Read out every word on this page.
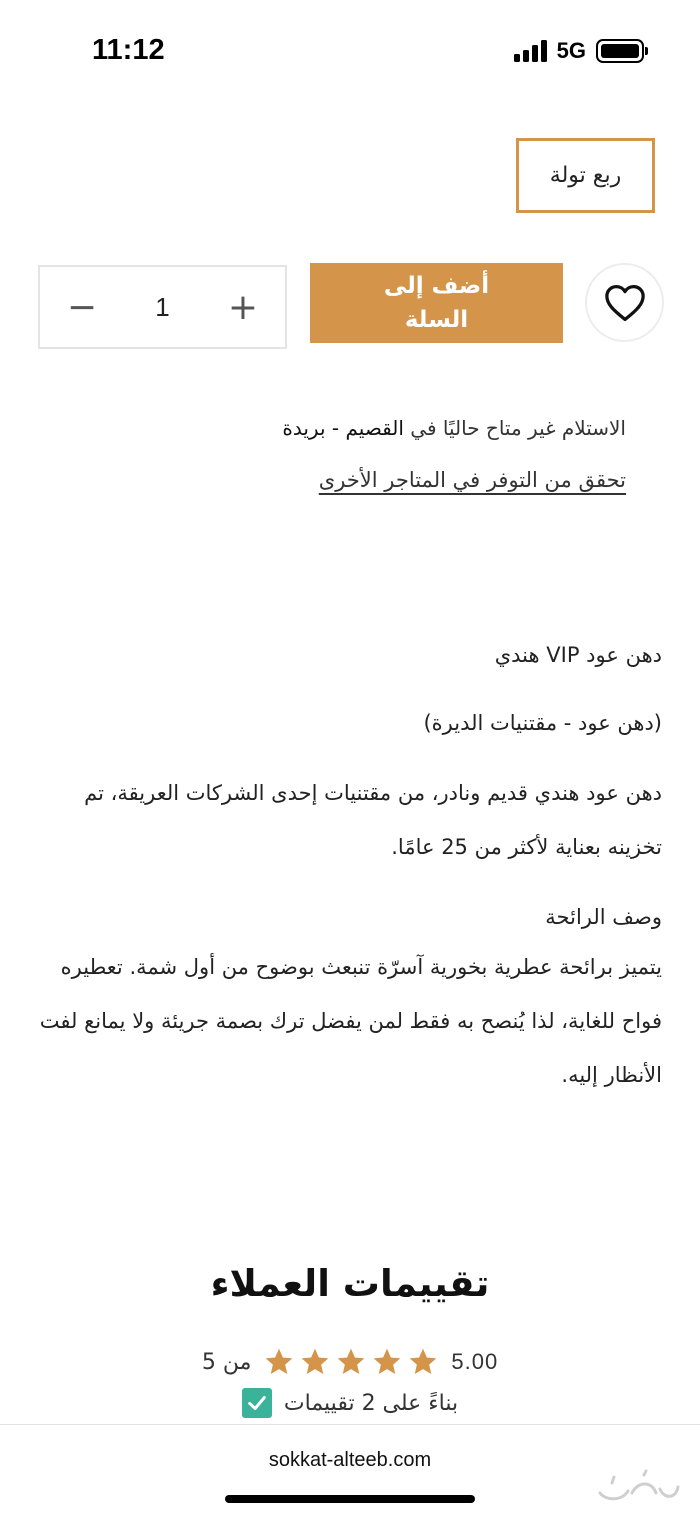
11:12	5G
ربع تولة
− 1 +
أضف إلى السلة
الاستلام غير متاح حاليًا في القصيم - بريدة
تحقق من التوفر في المتاجر الأخرى
دهن عود VIP هندي
(دهن عود - مقتنيات الديرة)
دهن عود هندي قديم ونادر، من مقتنيات إحدى الشركات العريقة، تم تخزينه بعناية لأكثر من 25 عامًا.
وصف الرائحة
يتميز برائحة عطرية بخورية آسرّة تنبعث بوضوح من أول شمة. تعطيره فواح للغاية، لذا يُنصح به فقط لمن يفضل ترك بصمة جريئة ولا يمانع لفت الأنظار إليه.
تقييمات العملاء
5.00
من 5
بناءً على 2 تقييمات
sokkat-alteeb.com
